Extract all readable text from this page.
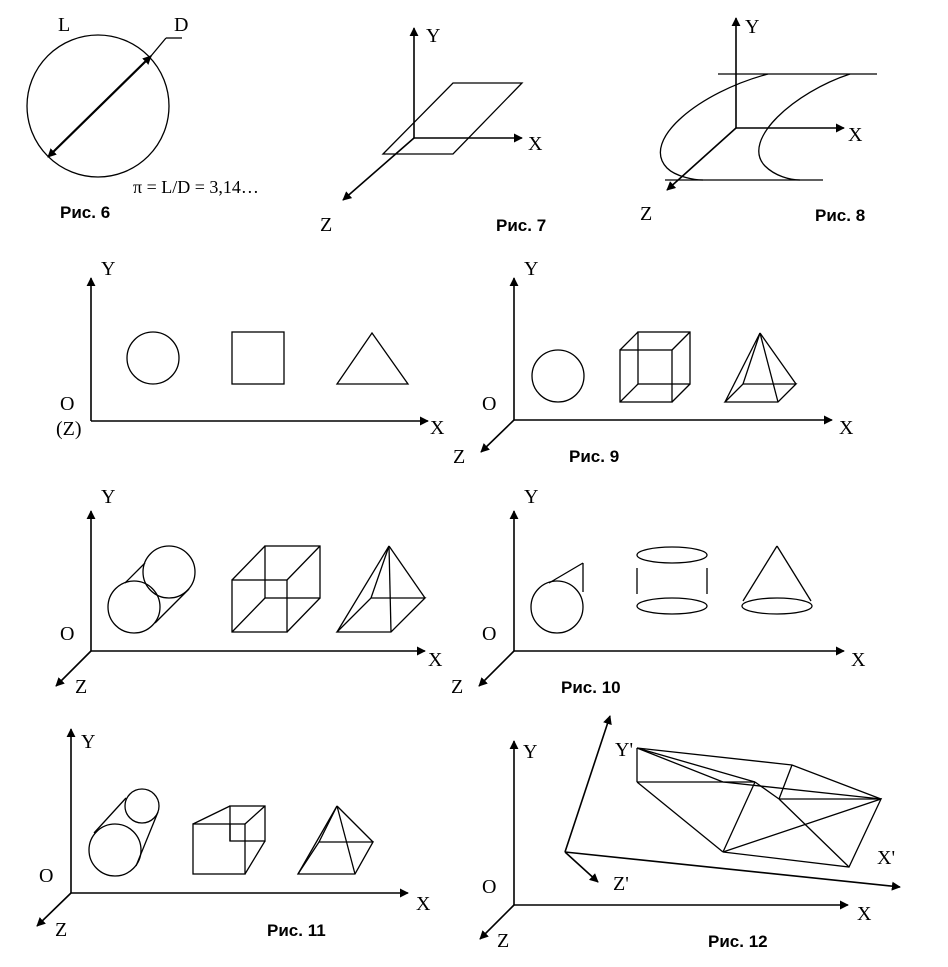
L	D
π = L/D = 3,14…
Рис. 6
Y
X
Z	Рис. 7
Y
X
Z	Рис. 8
Y
O
(Z)	X
Y
O
X
Z	Рис. 9
Y
O
X
Z
Y
O
X
Z	Рис. 10
Y
O
X
Z	Рис. 11
Y
O
X
Z
Y'
X'
Z'
Рис. 12
